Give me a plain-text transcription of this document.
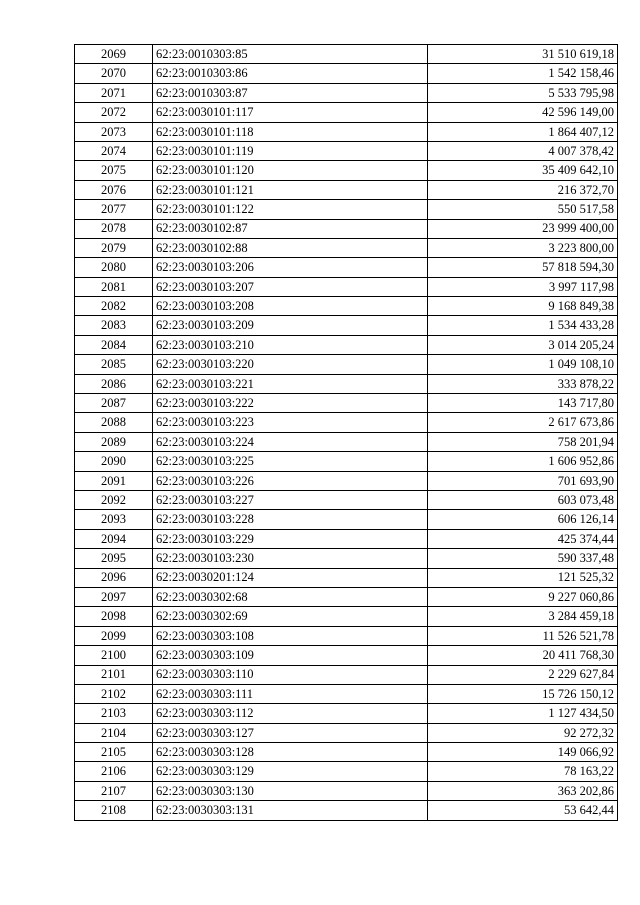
2069	62:23:0010303:85	31 510 619,18
2070	62:23:0010303:86	1 542 158,46
2071	62:23:0010303:87	5 533 795,98
2072	62:23:0030101:117	42 596 149,00
2073	62:23:0030101:118	1 864 407,12
2074	62:23:0030101:119	4 007 378,42
2075	62:23:0030101:120	35 409 642,10
2076	62:23:0030101:121	216 372,70
2077	62:23:0030101:122	550 517,58
2078	62:23:0030102:87	23 999 400,00
2079	62:23:0030102:88	3 223 800,00
2080	62:23:0030103:206	57 818 594,30
2081	62:23:0030103:207	3 997 117,98
2082	62:23:0030103:208	9 168 849,38
2083	62:23:0030103:209	1 534 433,28
2084	62:23:0030103:210	3 014 205,24
2085	62:23:0030103:220	1 049 108,10
2086	62:23:0030103:221	333 878,22
2087	62:23:0030103:222	143 717,80
2088	62:23:0030103:223	2 617 673,86
2089	62:23:0030103:224	758 201,94
2090	62:23:0030103:225	1 606 952,86
2091	62:23:0030103:226	701 693,90
2092	62:23:0030103:227	603 073,48
2093	62:23:0030103:228	606 126,14
2094	62:23:0030103:229	425 374,44
2095	62:23:0030103:230	590 337,48
2096	62:23:0030201:124	121 525,32
2097	62:23:0030302:68	9 227 060,86
2098	62:23:0030302:69	3 284 459,18
2099	62:23:0030303:108	11 526 521,78
2100	62:23:0030303:109	20 411 768,30
2101	62:23:0030303:110	2 229 627,84
2102	62:23:0030303:111	15 726 150,12
2103	62:23:0030303:112	1 127 434,50
2104	62:23:0030303:127	92 272,32
2105	62:23:0030303:128	149 066,92
2106	62:23:0030303:129	78 163,22
2107	62:23:0030303:130	363 202,86
2108	62:23:0030303:131	53 642,44
